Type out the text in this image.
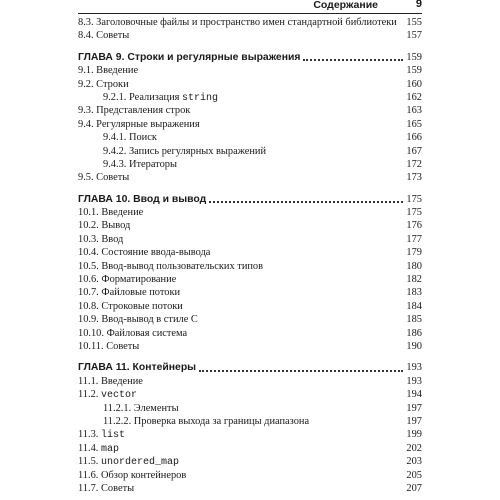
Содержание	9
8.3. Заголовочные файлы и пространство имен стандартной библиотеки 155
8.4. Советы	157
ГЛАВА 9. Строки и регулярные выражения	159
9.1. Введение	159
9.2. Строки	160
9.2.1. Реализация string	162
9.3. Представления строк	163
9.4. Регулярные выражения	165
9.4.1. Поиск	166
9.4.2. Запись регулярных выражений	167
9.4.3. Итераторы	172
9.5. Советы	173
ГЛАВА 10. Ввод и вывод	175
10.1. Введение	175
10.2. Вывод	176
10.3. Ввод	177
10.4. Состояние ввода-вывода	179
10.5. Ввод-вывод пользовательских типов	180
10.6. Форматирование	182
10.7. Файловые потоки	183
10.8. Строковые потоки	184
10.9. Ввод-вывод в стиле C	185
10.10. Файловая система	186
10.11. Советы	190
ГЛАВА 11. Контейнеры	193
11.1. Введение	193
11.2. vector	194
11.2.1. Элементы	197
11.2.2. Проверка выхода за границы диапазона	197
11.3. list	199
11.4. map	202
11.5. unordered_map	203
11.6. Обзор контейнеров	205
11.7. Советы	207
